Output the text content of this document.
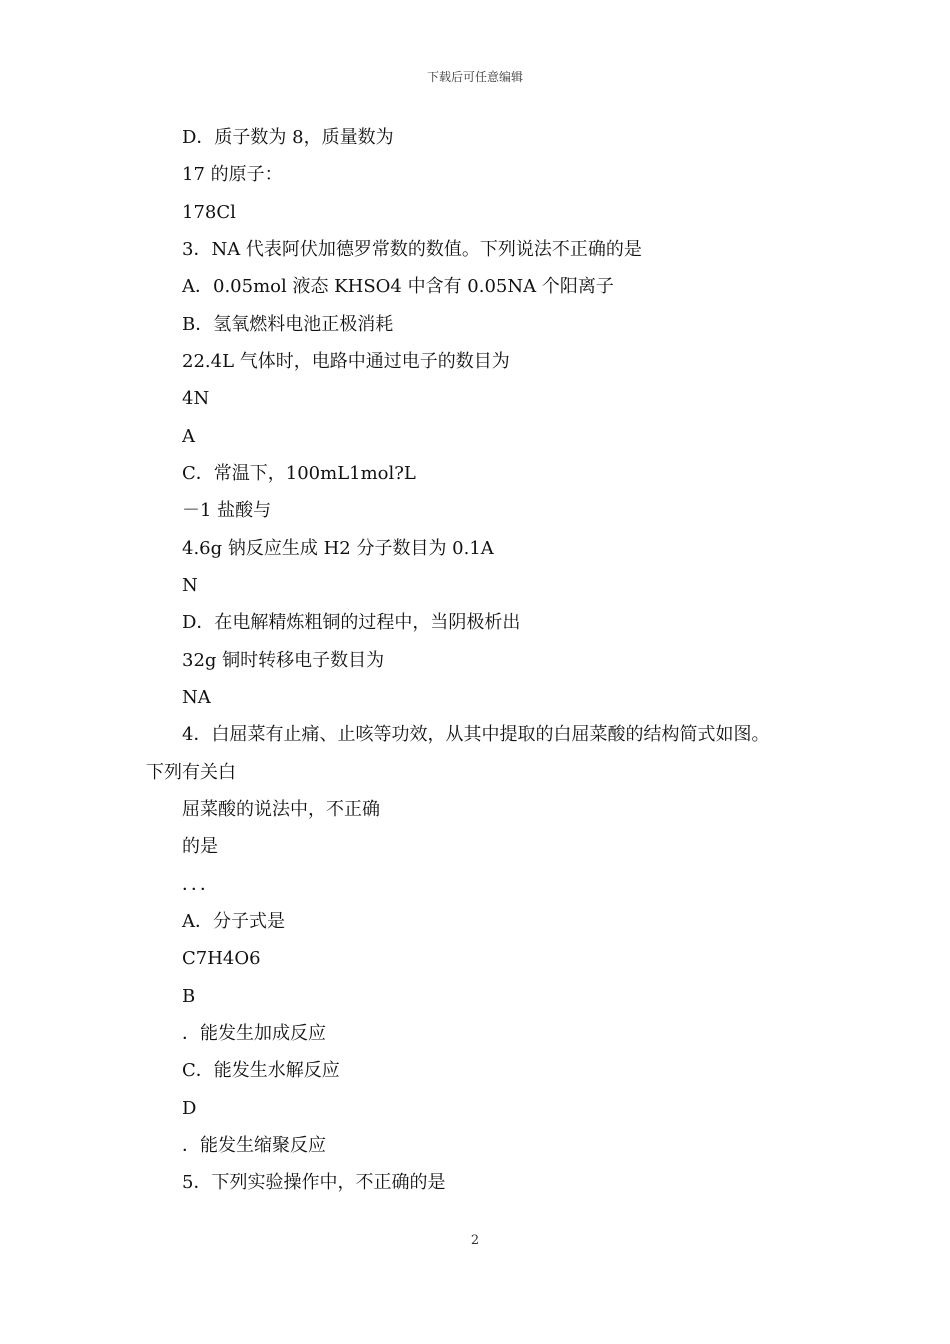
下载后可任意编辑
D．质子数为 8，质量数为
17 的原子：
178Cl
3．NA 代表阿伏加德罗常数的数值。下列说法不正确的是
A．0.05mol 液态 KHSO4 中含有 0.05NA 个阳离子
B．氢氧燃料电池正极消耗
22.4L 气体时，电路中通过电子的数目为
4N
A
C．常温下，100mL1mol?L
－1 盐酸与
4.6g 钠反应生成 H2 分子数目为 0.1A
N
D．在电解精炼粗铜的过程中，当阴极析出
32g 铜时转移电子数目为
NA
4．白屈菜有止痛、止咳等功效，从其中提取的白屈菜酸的结构简式如图。
下列有关白
屈菜酸的说法中，不正确
的是
．．．
A．分子式是
C7H4O6
B
．能发生加成反应
C．能发生水解反应
D
．能发生缩聚反应
5．下列实验操作中，不正确的是
2
